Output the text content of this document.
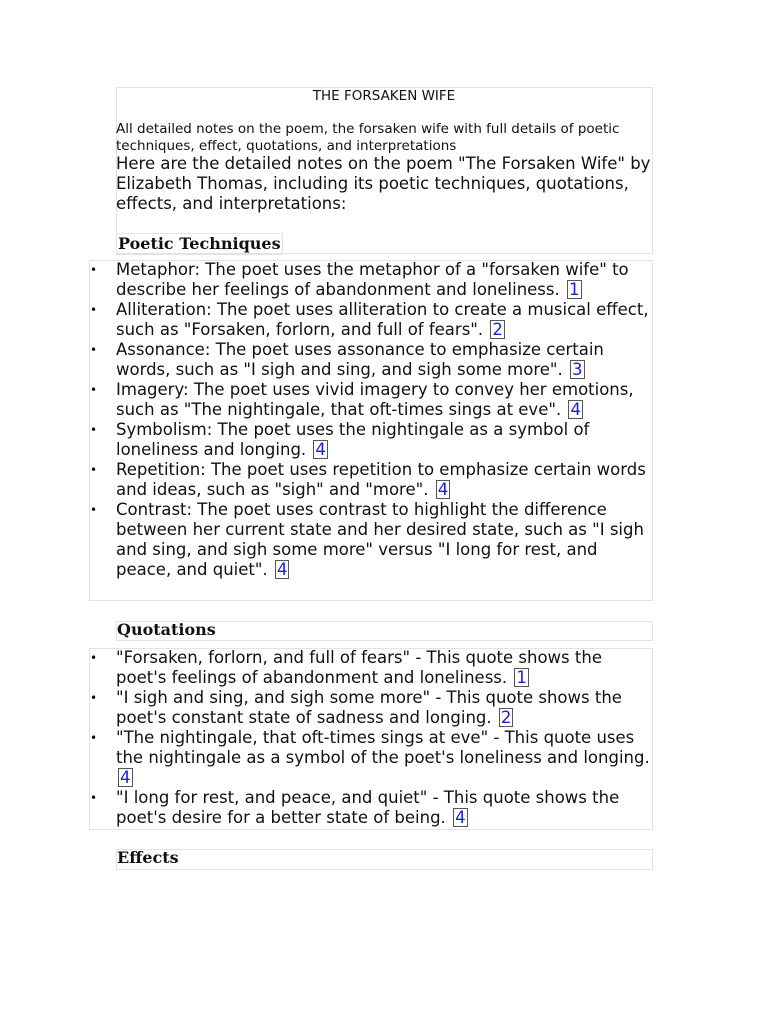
THE FORSAKEN WIFE
All detailed notes on the poem, the forsaken wife with full details of poetic techniques, effect, quotations, and interpretations
Here are the detailed notes on the poem "The Forsaken Wife" by Elizabeth Thomas, including its poetic techniques, quotations, effects, and interpretations:
Poetic Techniques
• Metaphor: The poet uses the metaphor of a "forsaken wife" to describe her feelings of abandonment and loneliness. 1
• Alliteration: The poet uses alliteration to create a musical effect, such as "Forsaken, forlorn, and full of fears". 2
• Assonance: The poet uses assonance to emphasize certain words, such as "I sigh and sing, and sigh some more". 3
• Imagery: The poet uses vivid imagery to convey her emotions, such as "The nightingale, that oft-times sings at eve". 4
• Symbolism: The poet uses the nightingale as a symbol of loneliness and longing. 4
• Repetition: The poet uses repetition to emphasize certain words and ideas, such as "sigh" and "more". 4
• Contrast: The poet uses contrast to highlight the difference between her current state and her desired state, such as "I sigh and sing, and sigh some more" versus "I long for rest, and peace, and quiet". 4
Quotations
• "Forsaken, forlorn, and full of fears" - This quote shows the poet's feelings of abandonment and loneliness. 1
• "I sigh and sing, and sigh some more" - This quote shows the poet's constant state of sadness and longing. 2
• "The nightingale, that oft-times sings at eve" - This quote uses the nightingale as a symbol of the poet's loneliness and longing. 4
• "I long for rest, and peace, and quiet" - This quote shows the poet's desire for a better state of being. 4
Effects
